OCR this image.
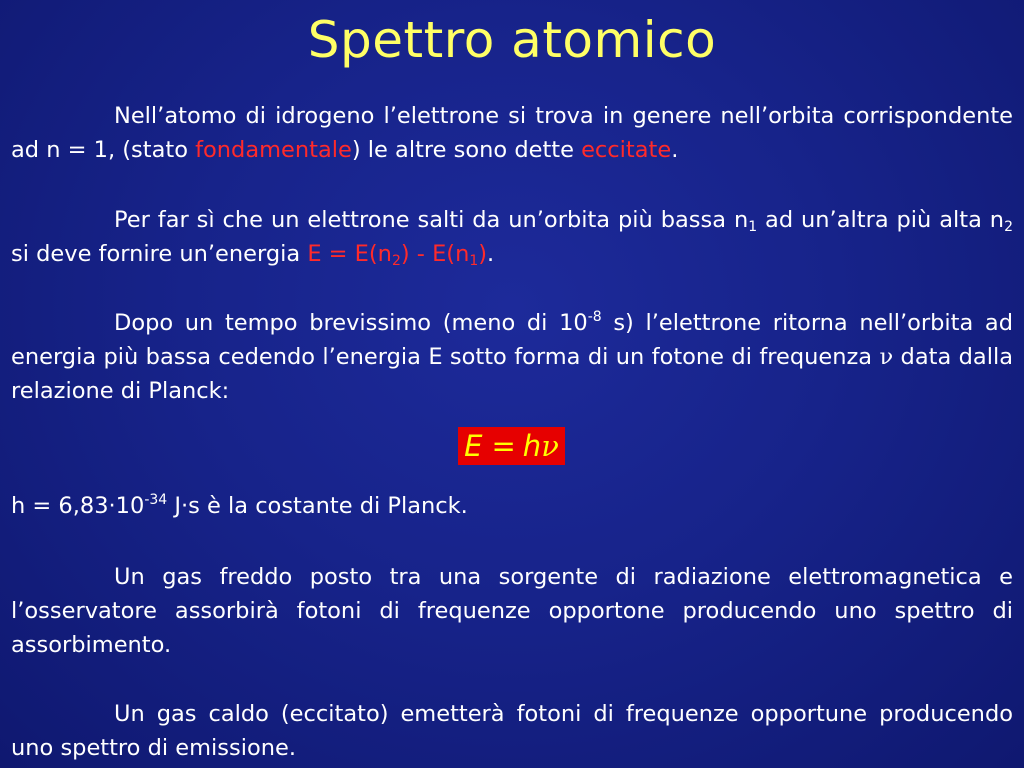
Spettro atomico

Nell’atomo di idrogeno l’elettrone si trova in genere nell’orbita corrispondente ad n = 1, (stato fondamentale) le altre sono dette eccitate.

Per far sì che un elettrone salti da un’orbita più bassa $n_1$ ad un’altra più alta $n_2$ si deve fornire un’energia $E = E(n_2) - E(n_1)$.

Dopo un tempo brevissimo (meno di $10^{-8}$ s) l’elettrone ritorna nell’orbita ad energia più bassa cedendo l’energia E sotto forma di un fotone di frequenza ν data dalla relazione di Planck:

E = hν

$h = 6,83\cdot 10^{-34}$ J·s è la costante di Planck.

Un gas freddo posto tra una sorgente di radiazione elettromagnetica e l’osservatore assorbirà fotoni di frequenze opportone producendo uno spettro di assorbimento.

Un gas caldo (eccitato) emetterà fotoni di frequenze opportune producendo uno spettro di emissione.
